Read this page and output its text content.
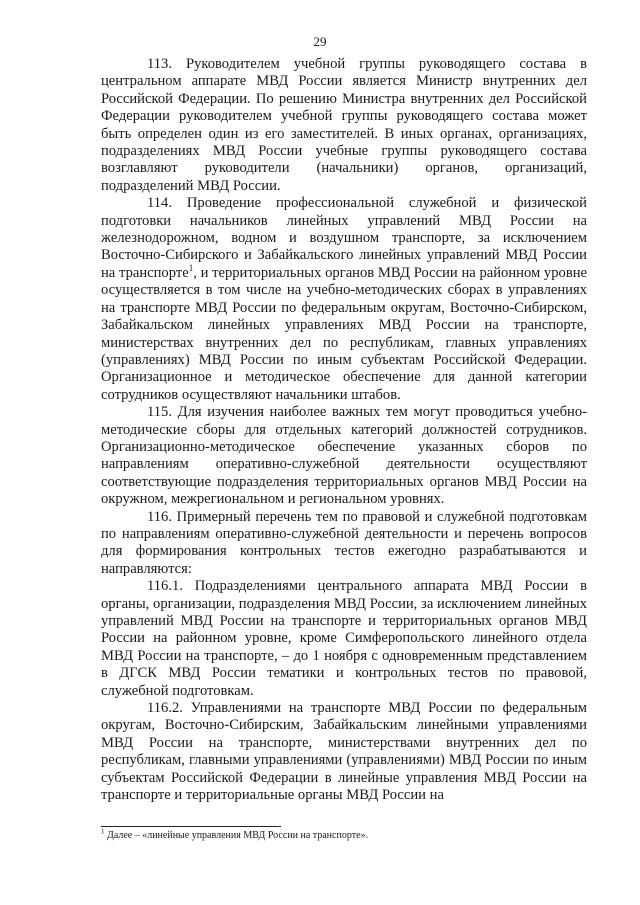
29

113. Руководителем учебной группы руководящего состава в центральном аппарате МВД России является Министр внутренних дел Российской Федерации. По решению Министра внутренних дел Российской Федерации руководителем учебной группы руководящего состава может быть определен один из его заместителей. В иных органах, организациях, подразделениях МВД России учебные группы руководящего состава возглавляют руководители (начальники) органов, организаций, подразделений МВД России.

114. Проведение профессиональной служебной и физической подготовки начальников линейных управлений МВД России на железнодорожном, водном и воздушном транспорте, за исключением Восточно-Сибирского и Забайкальского линейных управлений МВД России на транспорте$^1$, и территориальных органов МВД России на районном уровне осуществляется в том числе на учебно-методических сборах в управлениях на транспорте МВД России по федеральным округам, Восточно-Сибирском, Забайкальском линейных управлениях МВД России на транспорте, министерствах внутренних дел по республикам, главных управлениях (управлениях) МВД России по иным субъектам Российской Федерации. Организационное и методическое обеспечение для данной категории сотрудников осуществляют начальники штабов.

115. Для изучения наиболее важных тем могут проводиться учебно-методические сборы для отдельных категорий должностей сотрудников. Организационно-методическое обеспечение указанных сборов по направлениям оперативно-служебной деятельности осуществляют соответствующие подразделения территориальных органов МВД России на окружном, межрегиональном и региональном уровнях.

116. Примерный перечень тем по правовой и служебной подготовкам по направлениям оперативно-служебной деятельности и перечень вопросов для формирования контрольных тестов ежегодно разрабатываются и направляются:

116.1. Подразделениями центрального аппарата МВД России в органы, организации, подразделения МВД России, за исключением линейных управлений МВД России на транспорте и территориальных органов МВД России на районном уровне, кроме Симферопольского линейного отдела МВД России на транспорте, – до 1 ноября с одновременным представлением в ДГСК МВД России тематики и контрольных тестов по правовой, служебной подготовкам.

116.2. Управлениями на транспорте МВД России по федеральным округам, Восточно-Сибирским, Забайкальским линейными управлениями МВД России на транспорте, министерствами внутренних дел по республикам, главными управлениями (управлениями) МВД России по иным субъектам Российской Федерации в линейные управления МВД России на транспорте и территориальные органы МВД России на

$^1$ Далее – «линейные управления МВД России на транспорте».
